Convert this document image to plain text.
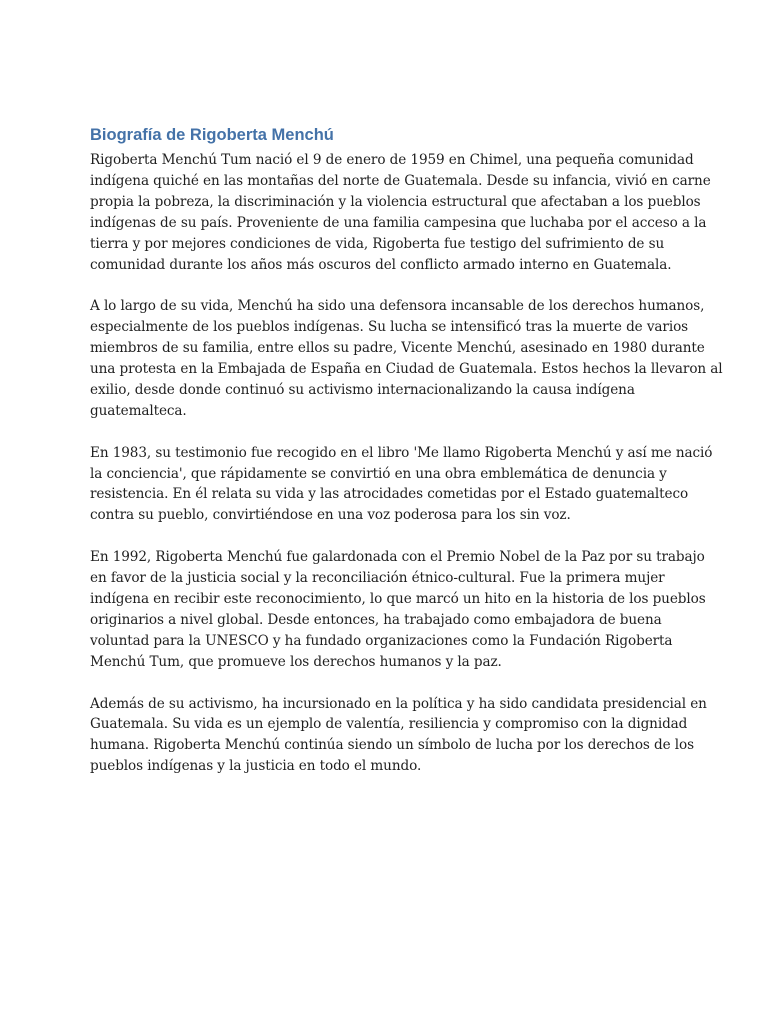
Biografía de Rigoberta Menchú

Rigoberta Menchú Tum nació el 9 de enero de 1959 en Chimel, una pequeña comunidad
indígena quiché en las montañas del norte de Guatemala. Desde su infancia, vivió en carne
propia la pobreza, la discriminación y la violencia estructural que afectaban a los pueblos
indígenas de su país. Proveniente de una familia campesina que luchaba por el acceso a la
tierra y por mejores condiciones de vida, Rigoberta fue testigo del sufrimiento de su
comunidad durante los años más oscuros del conflicto armado interno en Guatemala.

A lo largo de su vida, Menchú ha sido una defensora incansable de los derechos humanos,
especialmente de los pueblos indígenas. Su lucha se intensificó tras la muerte de varios
miembros de su familia, entre ellos su padre, Vicente Menchú, asesinado en 1980 durante
una protesta en la Embajada de España en Ciudad de Guatemala. Estos hechos la llevaron al
exilio, desde donde continuó su activismo internacionalizando la causa indígena
guatemalteca.

En 1983, su testimonio fue recogido en el libro 'Me llamo Rigoberta Menchú y así me nació
la conciencia', que rápidamente se convirtió en una obra emblemática de denuncia y
resistencia. En él relata su vida y las atrocidades cometidas por el Estado guatemalteco
contra su pueblo, convirtiéndose en una voz poderosa para los sin voz.

En 1992, Rigoberta Menchú fue galardonada con el Premio Nobel de la Paz por su trabajo
en favor de la justicia social y la reconciliación étnico-cultural. Fue la primera mujer
indígena en recibir este reconocimiento, lo que marcó un hito en la historia de los pueblos
originarios a nivel global. Desde entonces, ha trabajado como embajadora de buena
voluntad para la UNESCO y ha fundado organizaciones como la Fundación Rigoberta
Menchú Tum, que promueve los derechos humanos y la paz.

Además de su activismo, ha incursionado en la política y ha sido candidata presidencial en
Guatemala. Su vida es un ejemplo de valentía, resiliencia y compromiso con la dignidad
humana. Rigoberta Menchú continúa siendo un símbolo de lucha por los derechos de los
pueblos indígenas y la justicia en todo el mundo.
